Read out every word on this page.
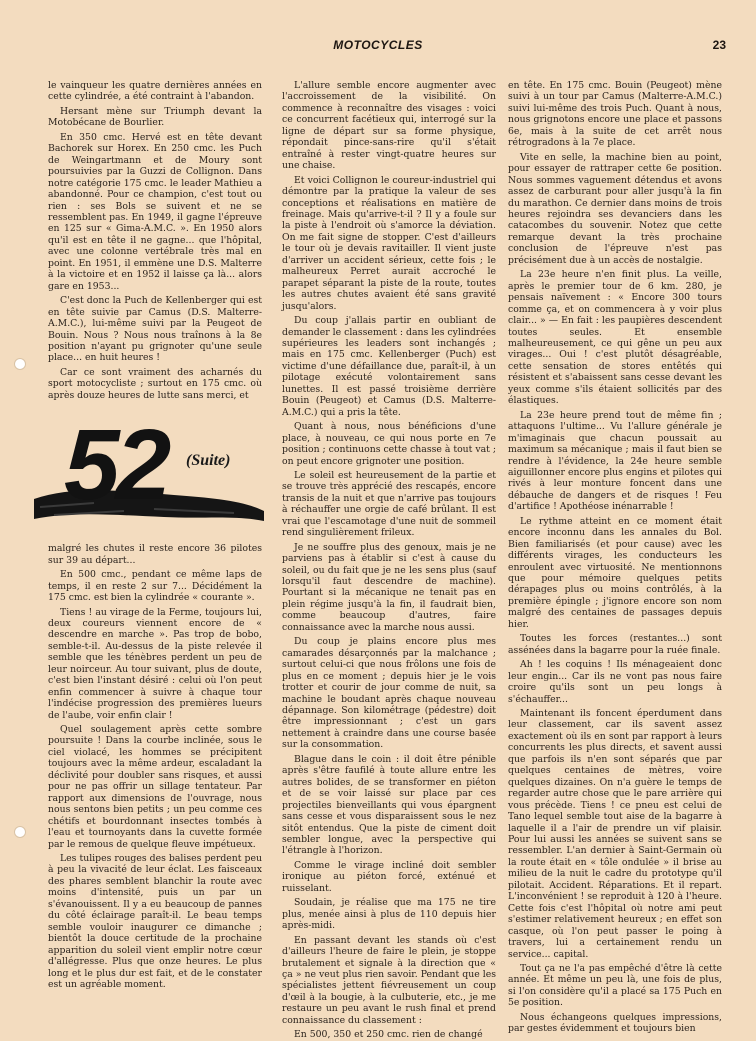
MOTOCYCLES	23

le vainqueur les quatre dernières années en cette cylindrée, a été contraint à l'abandon.

Hersant mène sur Triumph devant la Motobécane de Bourlier.

En 350 cmc. Hervé est en tête devant Bachorek sur Horex. En 250 cmc. les Puch de Weingartmann et de Moury sont poursuivies par la Guzzi de Collignon. Dans notre catégorie 175 cmc. le leader Mathieu a abandonné. Pour ce champion, c'est tout ou rien : ses Bols se suivent et ne se ressemblent pas. En 1949, il gagne l'épreuve en 125 sur « Gima-A.M.C. ». En 1950 alors qu'il est en tête il ne gagne... que l'hôpital, avec une colonne vertébrale très mal en point. En 1951, il emmène une D.S. Malterre à la victoire et en 1952 il laisse ça là... alors gare en 1953...

C'est donc la Puch de Kellenberger qui est en tête suivie par Camus (D.S. Malterre-A.M.C.), lui-même suivi par la Peugeot de Bouin. Nous ? Nous nous traînons à la 8e position n'ayant pu grignoter qu'une seule place... en huit heures !

Car ce sont vraiment des acharnés du sport motocycliste ; surtout en 175 cmc. où après douze heures de lutte sans merci, et

52 (Suite)

malgré les chutes il reste encore 36 pilotes sur 39 au départ...

En 500 cmc., pendant ce même laps de temps, il en reste 2 sur 7... Décidément la 175 cmc. est bien la cylindrée « courante ».

Tiens ! au virage de la Ferme, toujours lui, deux coureurs viennent encore de « descendre en marche ». Pas trop de bobo, semble-t-il. Au-dessus de la piste relevée il semble que les ténèbres perdent un peu de leur noirceur. Au tour suivant, plus de doute, c'est bien l'instant désiré : celui où l'on peut enfin commencer à suivre à chaque tour l'indécise progression des premières lueurs de l'aube, voir enfin clair !

Quel soulagement après cette sombre poursuite ! Dans la courbe inclinée, sous le ciel violacé, les hommes se précipitent toujours avec la même ardeur, escaladant la déclivité pour doubler sans risques, et aussi pour ne pas offrir un sillage tentateur. Par rapport aux dimensions de l'ouvrage, nous nous sentons bien petits ; un peu comme ces chétifs et bourdonnant insectes tombés à l'eau et tournoyants dans la cuvette formée par le remous de quelque fleuve impétueux.

Les tulipes rouges des balises perdent peu à peu la vivacité de leur éclat. Les faisceaux des phares semblent blanchir la route avec moins d'intensité, puis un par un s'évanouissent. Il y a eu beaucoup de pannes du côté éclairage paraît-il. Le beau temps semble vouloir inaugurer ce dimanche ; bientôt la douce certitude de la prochaine apparition du soleil vient emplir notre cœur d'allégresse. Plus que onze heures. Le plus long et le plus dur est fait, et de le constater est un agréable moment.

L'allure semble encore augmenter avec l'accroissement de la visibilité. On commence à reconnaître des visages : voici ce concurrent facétieux qui, interrogé sur la ligne de départ sur sa forme physique, répondait pince-sans-rire qu'il s'était entraîné à rester vingt-quatre heures sur une chaise.

Et voici Collignon le coureur-industriel qui démontre par la pratique la valeur de ses conceptions et réalisations en matière de freinage. Mais qu'arrive-t-il ? Il y a foule sur la piste à l'endroit où s'amorce la déviation. On me fait signe de stopper. C'est d'ailleurs le tour où je devais ravitailler. Il vient juste d'arriver un accident sérieux, cette fois ; le malheureux Perret aurait accroché le parapet séparant la piste de la route, toutes les autres chutes avaient été sans gravité jusqu'alors.

Du coup j'allais partir en oubliant de demander le classement : dans les cylindrées supérieures les leaders sont inchangés ; mais en 175 cmc. Kellenberger (Puch) est victime d'une défaillance due, paraît-il, à un pilotage exécuté volontairement sans lunettes. Il est passé troisième derrière Bouin (Peugeot) et Camus (D.S. Malterre-A.M.C.) qui a pris la tête.

Quant à nous, nous bénéficions d'une place, à nouveau, ce qui nous porte en 7e position ; continuons cette chasse à tout vat ; on peut encore grignoter une position.

Le soleil est heureusement de la partie et se trouve très apprécié des rescapés, encore transis de la nuit et que n'arrive pas toujours à réchauffer une orgie de café brûlant. Il est vrai que l'escamotage d'une nuit de sommeil rend singulièrement frileux.

Je ne souffre plus des genoux, mais je ne parviens pas à établir si c'est à cause du soleil, ou du fait que je ne les sens plus (sauf lorsqu'il faut descendre de machine). Pourtant si la mécanique ne tenait pas en plein régime jusqu'à la fin, il faudrait bien, comme beaucoup d'autres, faire connaissance avec la marche nous aussi.

Du coup je plains encore plus mes camarades désarçonnés par la malchance ; surtout celui-ci que nous frôlons une fois de plus en ce moment ; depuis hier je le vois trotter et courir de jour comme de nuit, sa machine le boudant après chaque nouveau dépannage. Son kilométrage (pédestre) doit être impressionnant ; c'est un gars nettement à craindre dans une course basée sur la consommation.

Blague dans le coin : il doit être pénible après s'être faufilé à toute allure entre les autres bolides, de se transformer en piéton et de se voir laissé sur place par ces projectiles bienveillants qui vous épargnent sans cesse et vous disparaissent sous le nez sitôt entendus. Que la piste de ciment doit sembler longue, avec la perspective qui l'étrangle à l'horizon.

Comme le virage incliné doit sembler ironique au piéton forcé, exténué et ruisselant.

Soudain, je réalise que ma 175 ne tire plus, menée ainsi à plus de 110 depuis hier après-midi.

En passant devant les stands où c'est d'ailleurs l'heure de faire le plein, je stoppe brutalement et signale à la direction que « ça » ne veut plus rien savoir. Pendant que les spécialistes jettent fiévreusement un coup d'œil à la bougie, à la culbuterie, etc., je me restaure un peu avant le rush final et prend connaissance du classement :

En 500, 350 et 250 cmc. rien de changé

en tête. En 175 cmc. Bouin (Peugeot) mène suivi à un tour par Camus (Malterre-A.M.C.) suivi lui-même des trois Puch. Quant à nous, nous grignotons encore une place et passons 6e, mais à la suite de cet arrêt nous rétrogradons à la 7e place.

Vite en selle, la machine bien au point, pour essayer de rattraper cette 6e position. Nous sommes vaguement détendus et avons assez de carburant pour aller jusqu'à la fin du marathon. Ce dernier dans moins de trois heures rejoindra ses devanciers dans les catacombes du souvenir. Notez que cette remarque devant la très prochaine conclusion de l'épreuve n'est pas précisément due à un accès de nostalgie.

La 23e heure n'en finit plus. La veille, après le premier tour de 6 km. 280, je pensais naïvement : « Encore 300 tours comme ça, et on commencera à y voir plus clair... » — En fait : les paupières descendent toutes seules. Et ensemble malheureusement, ce qui gêne un peu aux virages... Oui ! c'est plutôt désagréable, cette sensation de stores entêtés qui résistent et s'abaissent sans cesse devant les yeux comme s'ils étaient sollicités par des élastiques.

La 23e heure prend tout de même fin ; attaquons l'ultime... Vu l'allure générale je m'imaginais que chacun poussait au maximum sa mécanique ; mais il faut bien se rendre à l'évidence, la 24e heure semble aiguillonner encore plus engins et pilotes qui rivés à leur monture foncent dans une débauche de dangers et de risques ! Feu d'artifice ! Apothéose inénarrable !

Le rythme atteint en ce moment était encore inconnu dans les annales du Bol. Bien familiarisés (et pour cause) avec les différents virages, les conducteurs les enroulent avec virtuosité. Ne mentionnons que pour mémoire quelques petits dérapages plus ou moins contrôlés, à la première épingle ; j'ignore encore son nom malgré des centaines de passages depuis hier.

Toutes les forces (restantes...) sont assénées dans la bagarre pour la ruée finale.

Ah ! les coquins ! Ils ménageaient donc leur engin... Car ils ne vont pas nous faire croire qu'ils sont un peu longs à s'échauffer...

Maintenant ils foncent éperdument dans leur classement, car ils savent assez exactement où ils en sont par rapport à leurs concurrents les plus directs, et savent aussi que parfois ils n'en sont séparés que par quelques centaines de mètres, voire quelques dizaines. On n'a guère le temps de regarder autre chose que le pare arrière qui vous précède. Tiens ! ce pneu est celui de Tano lequel semble tout aise de la bagarre à laquelle il a l'air de prendre un vif plaisir. Pour lui aussi les années se suivent sans se ressembler. L'an dernier à Saint-Germain où la route était en « tôle ondulée » il brise au milieu de la nuit le cadre du prototype qu'il pilotait. Accident. Réparations. Et il repart. L'inconvénient ! se reproduit à 120 à l'heure. Cette fois c'est l'hôpital où notre ami peut s'estimer relativement heureux ; en effet son casque, où l'on peut passer le poing à travers, lui a certainement rendu un service... capital.

Tout ça ne l'a pas empêché d'être là cette année. Et même un peu là, une fois de plus, si l'on considère qu'il a placé sa 175 Puch en 5e position.

Nous échangeons quelques impressions, par gestes évidemment et toujours bien
